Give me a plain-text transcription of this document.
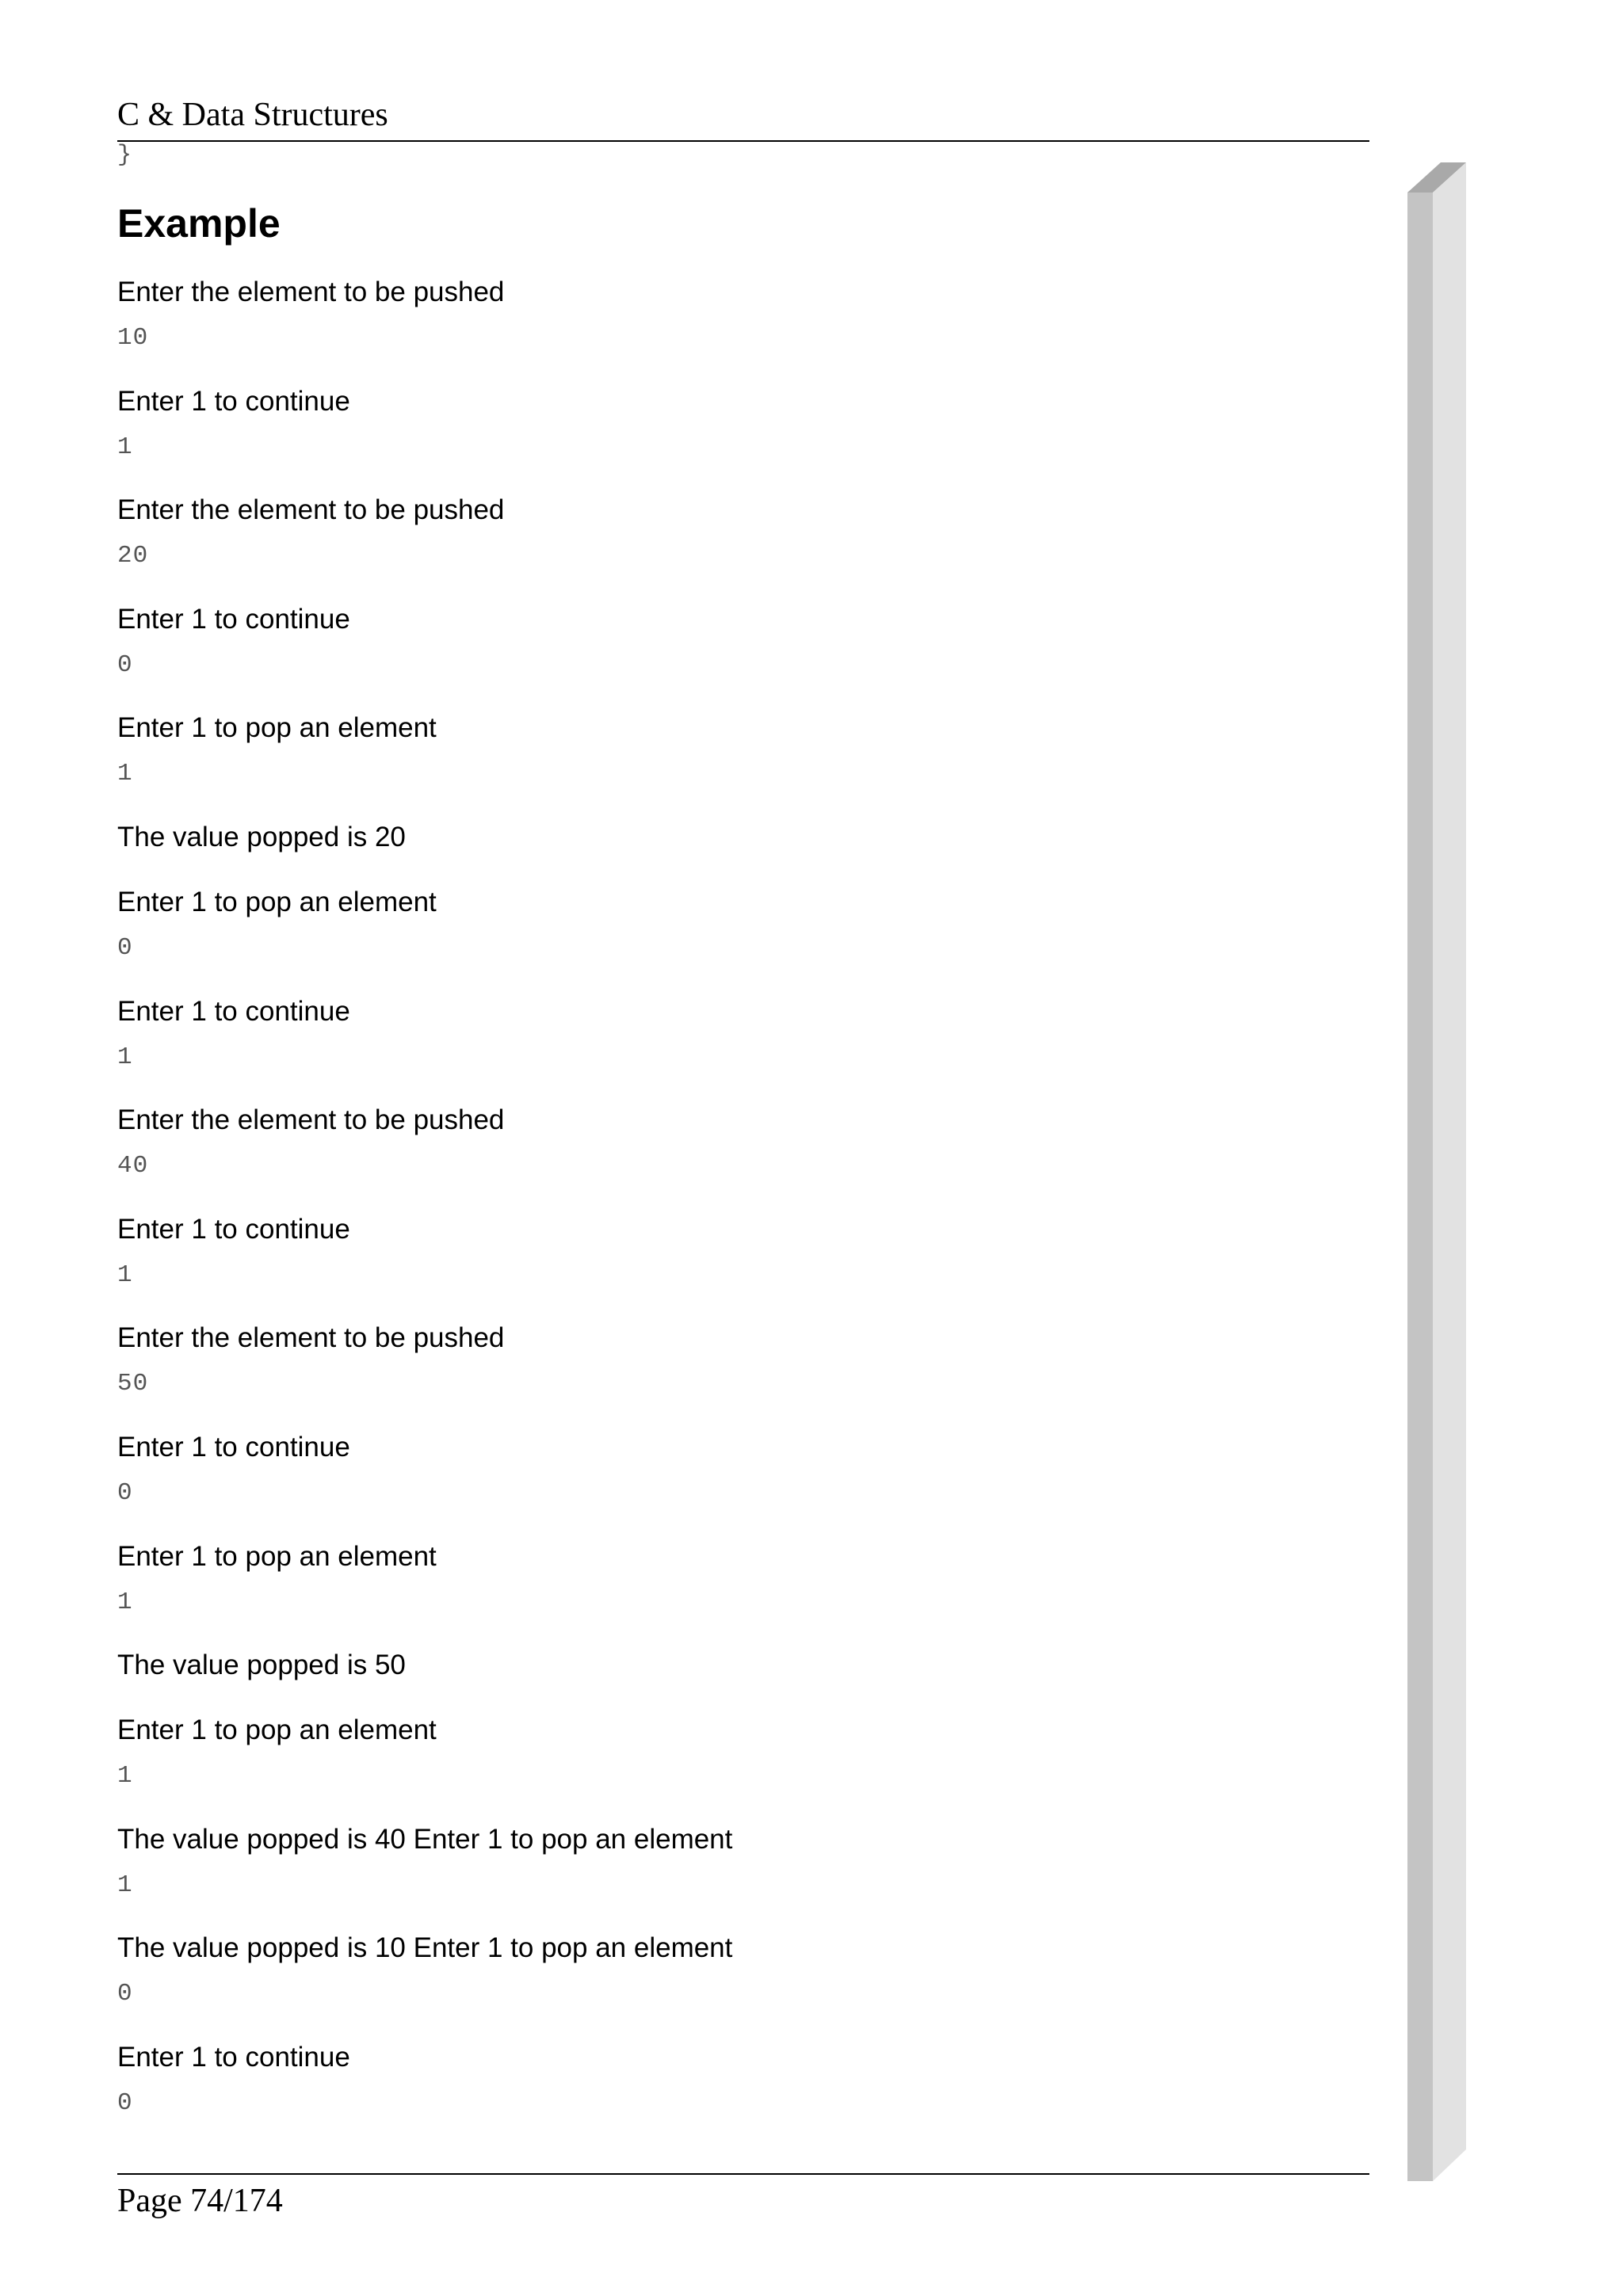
C & Data Structures
}
Example
Enter the element to be pushed
10
Enter 1 to continue
1
Enter the element to be pushed
20
Enter 1 to continue
0
Enter 1 to pop an element
1
The value popped is 20
Enter 1 to pop an element
0
Enter 1 to continue
1
Enter the element to be pushed
40
Enter 1 to continue
1
Enter the element to be pushed
50
Enter 1 to continue
0
Enter 1 to pop an element
1
The value popped is 50
Enter 1 to pop an element
1
The value popped is 40 Enter 1 to pop an element
1
The value popped is 10 Enter 1 to pop an element
0
Enter 1 to continue
0
Page 74/174
